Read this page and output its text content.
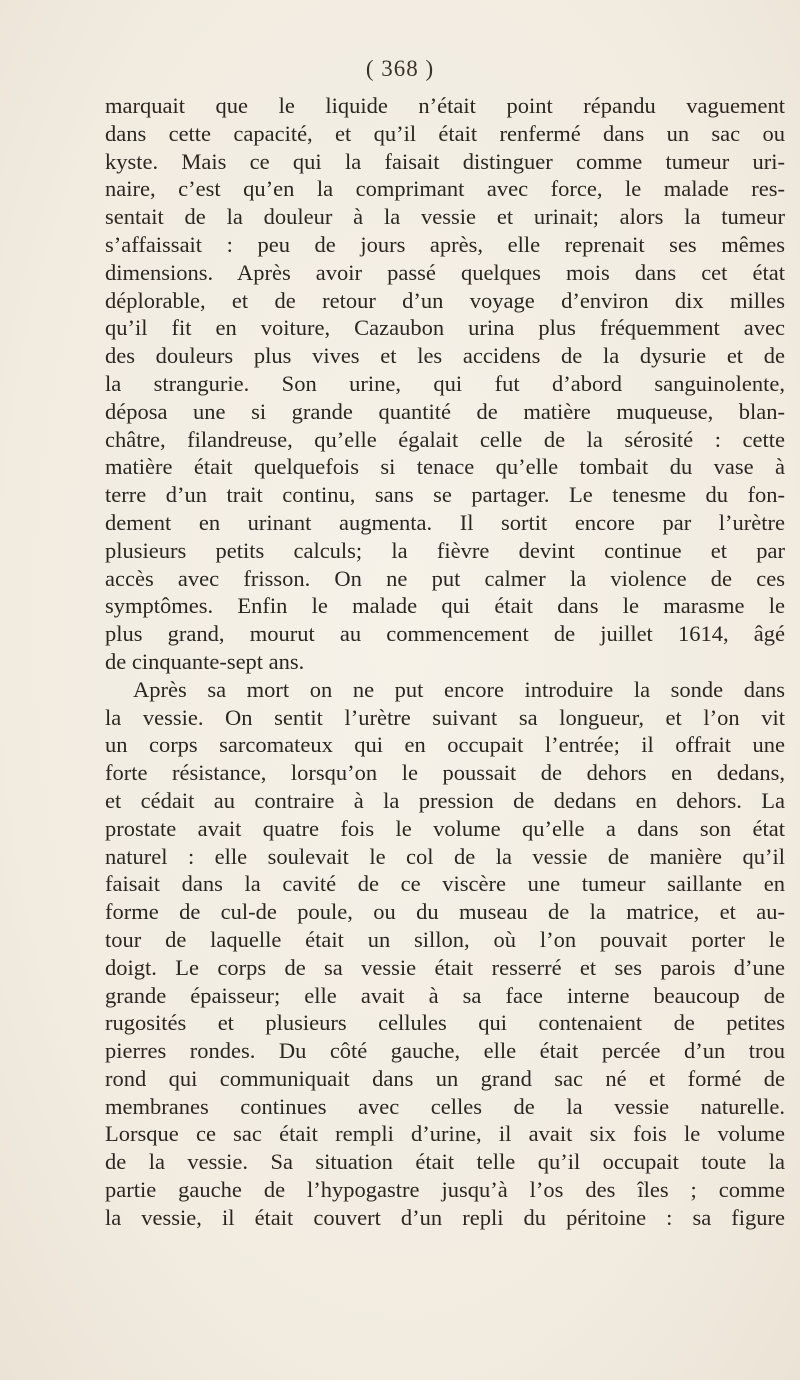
( 368 )
marquait que le liquide n’était point répandu vaguement
dans cette capacité, et qu’il était renfermé dans un sac ou
kyste. Mais ce qui la faisait distinguer comme tumeur uri-
naire, c’est qu’en la comprimant avec force, le malade res-
sentait de la douleur à la vessie et urinait; alors la tumeur
s’affaissait : peu de jours après, elle reprenait ses mêmes
dimensions. Après avoir passé quelques mois dans cet état
déplorable, et de retour d’un voyage d’environ dix milles
qu’il fit en voiture, Cazaubon urina plus fréquemment avec
des douleurs plus vives et les accidens de la dysurie et de
la strangurie. Son urine, qui fut d’abord sanguinolente,
déposa une si grande quantité de matière muqueuse, blan-
châtre, filandreuse, qu’elle égalait celle de la sérosité : cette
matière était quelquefois si tenace qu’elle tombait du vase à
terre d’un trait continu, sans se partager. Le tenesme du fon-
dement en urinant augmenta. Il sortit encore par l’urètre
plusieurs petits calculs; la fièvre devint continue et par
accès avec frisson. On ne put calmer la violence de ces
symptômes. Enfin le malade qui était dans le marasme le
plus grand, mourut au commencement de juillet 1614, âgé
de cinquante-sept ans.
Après sa mort on ne put encore introduire la sonde dans
la vessie. On sentit l’urètre suivant sa longueur, et l’on vit
un corps sarcomateux qui en occupait l’entrée; il offrait une
forte résistance, lorsqu’on le poussait de dehors en dedans,
et cédait au contraire à la pression de dedans en dehors. La
prostate avait quatre fois le volume qu’elle a dans son état
naturel : elle soulevait le col de la vessie de manière qu’il
faisait dans la cavité de ce viscère une tumeur saillante en
forme de cul-de poule, ou du museau de la matrice, et au-
tour de laquelle était un sillon, où l’on pouvait porter le
doigt. Le corps de sa vessie était resserré et ses parois d’une
grande épaisseur; elle avait à sa face interne beaucoup de
rugosités et plusieurs cellules qui contenaient de petites
pierres rondes. Du côté gauche, elle était percée d’un trou
rond qui communiquait dans un grand sac né et formé de
membranes continues avec celles de la vessie naturelle.
Lorsque ce sac était rempli d’urine, il avait six fois le volume
de la vessie. Sa situation était telle qu’il occupait toute la
partie gauche de l’hypogastre jusqu’à l’os des îles ; comme
la vessie, il était couvert d’un repli du péritoine : sa figure
